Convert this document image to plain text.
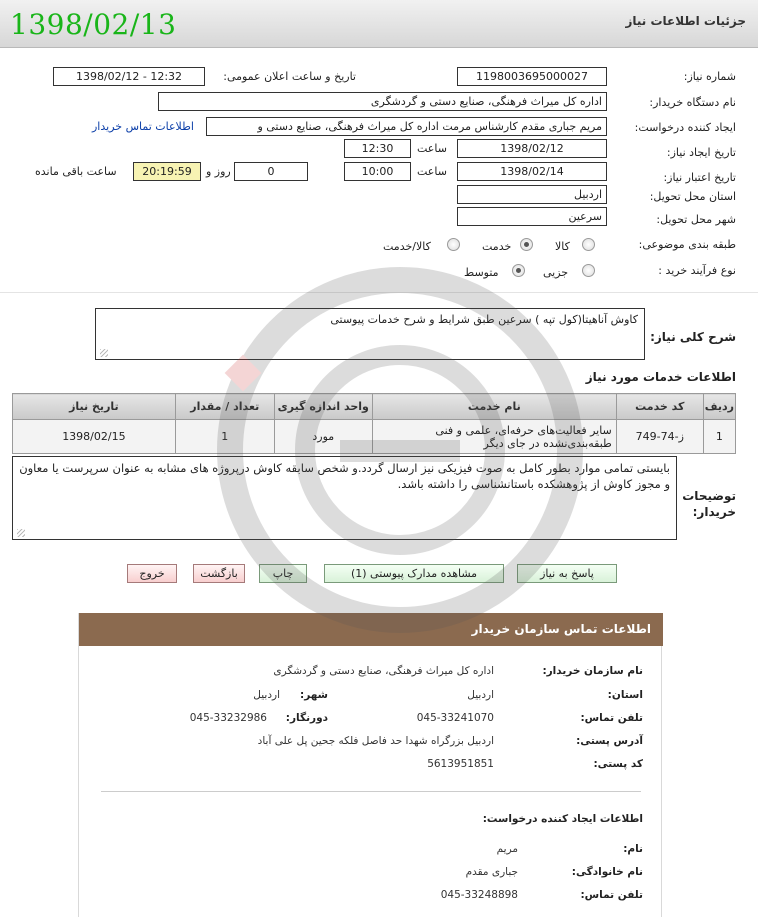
1398/02/13	جزئیات اطلاعات نیاز
شماره نیاز:
1198003695000027
تاریخ و ساعت اعلان عمومی:
1398/02/12 - 12:32
نام دستگاه خریدار:
اداره کل میراث فرهنگی، صنایع دستی و گردشگری
ایجاد کننده درخواست:
مریم جباری مقدم کارشناس مرمت اداره کل میراث فرهنگی، صنایع دستی و
اطلاعات تماس خریدار
تاریخ ایجاد نیاز:
1398/02/12
ساعت
12:30
تاریخ اعتبار نیاز:
1398/02/14
ساعت
10:00
0
روز و
20:19:59
ساعت باقی مانده
استان محل تحویل:
اردبیل
شهر محل تحویل:
سرعین
طبقه بندی موضوعی:
کالا
خدمت
کالا/خدمت
نوع فرآیند خرید :
جزیی
متوسط
شرح کلی نیاز:
کاوش آناهیتا(کول تپه ) سرعین طبق شرایط و شرح خدمات پیوستی
اطلاعات خدمات مورد نیاز
ردیف	کد خدمت	نام خدمت	واحد اندازه گیری	تعداد / مقدار	تاریخ نیاز
1	ز-74-749	سایر فعالیت‌های حرفه‌ای، علمی و فنی طبقه‌بندی‌نشده در جای دیگر	مورد	1	1398/02/15
توضیحات خریدار:
بایستی تمامی موارد بطور کامل به صوت فیزیکی نیز ارسال گردد.و شخص سابقه کاوش درپروژه های مشابه به عنوان سرپرست یا معاون و مجوز کاوش از پژوهشکده باستانشناسی را داشته باشد.
پاسخ به نیاز
مشاهده مدارک پیوستی (1)
چاپ
بازگشت
خروج
اطلاعات تماس سازمان خریدار
نام سازمان خریدار:
اداره کل میراث فرهنگی، صنایع دستی و گردشگری
استان:
اردبیل
شهر:
اردبیل
تلفن تماس:
045-33241070
دورنگار:
045-33232986
آدرس پستی:
اردبیل بزرگراه شهدا حد فاصل فلکه جحین پل علی آباد
کد پستی:
5613951851
اطلاعات ایجاد کننده درخواست:
نام:
مریم
نام خانوادگی:
جباری مقدم
تلفن تماس:
045-33248898
